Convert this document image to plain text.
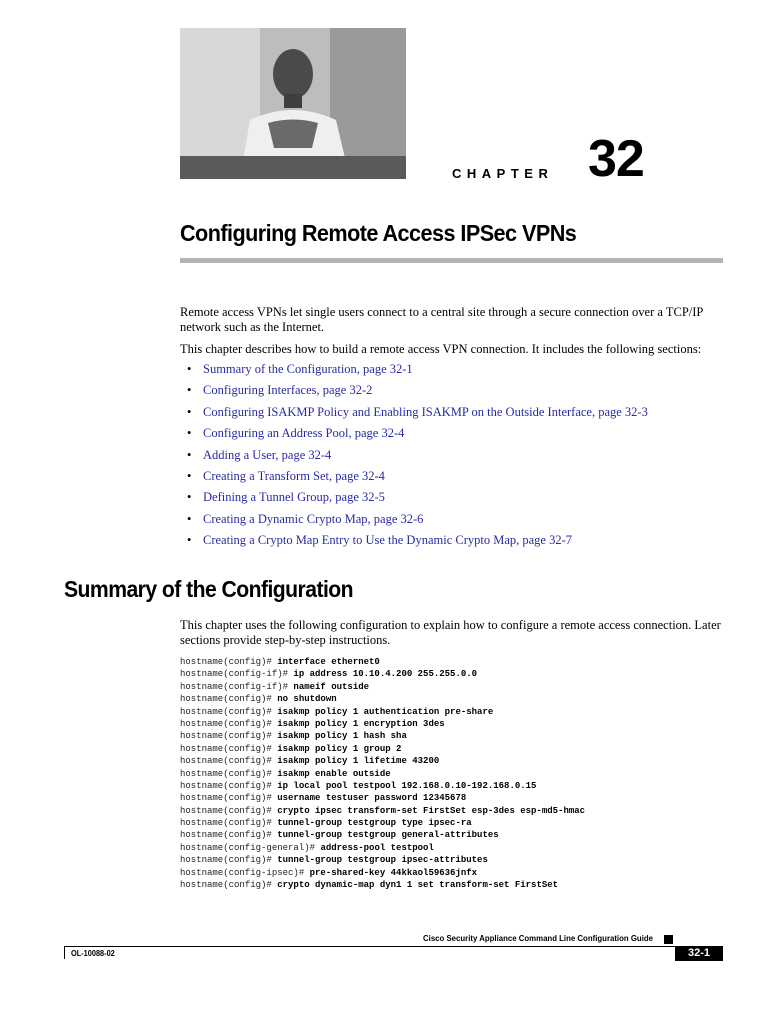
CHAPTER 32
Configuring Remote Access IPSec VPNs

Remote access VPNs let single users connect to a central site through a secure connection over a TCP/IP network such as the Internet.

This chapter describes how to build a remote access VPN connection. It includes the following sections:

• Summary of the Configuration, page 32-1
• Configuring Interfaces, page 32-2
• Configuring ISAKMP Policy and Enabling ISAKMP on the Outside Interface, page 32-3
• Configuring an Address Pool, page 32-4
• Adding a User, page 32-4
• Creating a Transform Set, page 32-4
• Defining a Tunnel Group, page 32-5
• Creating a Dynamic Crypto Map, page 32-6
• Creating a Crypto Map Entry to Use the Dynamic Crypto Map, page 32-7
Summary of the Configuration

This chapter uses the following configuration to explain how to configure a remote access connection. Later sections provide step-by-step instructions.

hostname(config)# interface ethernet0
hostname(config-if)# ip address 10.10.4.200 255.255.0.0
hostname(config-if)# nameif outside
hostname(config)# no shutdown
hostname(config)# isakmp policy 1 authentication pre-share
hostname(config)# isakmp policy 1 encryption 3des
hostname(config)# isakmp policy 1 hash sha
hostname(config)# isakmp policy 1 group 2
hostname(config)# isakmp policy 1 lifetime 43200
hostname(config)# isakmp enable outside
hostname(config)# ip local pool testpool 192.168.0.10-192.168.0.15
hostname(config)# username testuser password 12345678
hostname(config)# crypto ipsec transform-set FirstSet esp-3des esp-md5-hmac
hostname(config)# tunnel-group testgroup type ipsec-ra
hostname(config)# tunnel-group testgroup general-attributes
hostname(config-general)# address-pool testpool
hostname(config)# tunnel-group testgroup ipsec-attributes
hostname(config-ipsec)# pre-shared-key 44kkaol59636jnfx
hostname(config)# crypto dynamic-map dyn1 1 set transform-set FirstSet
Cisco Security Appliance Command Line Configuration Guide
OL-10088-02	32-1
